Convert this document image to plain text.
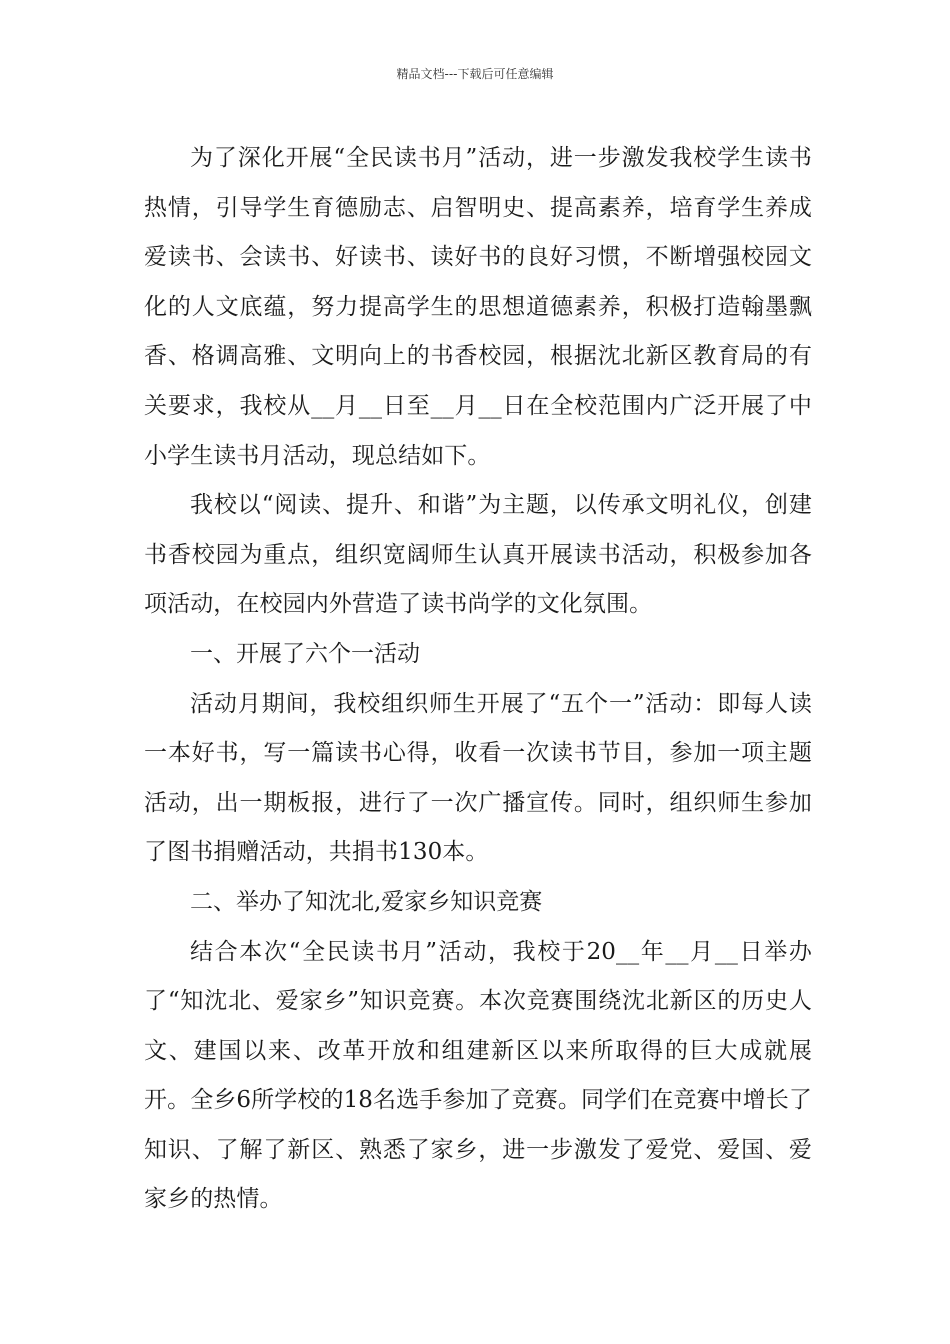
精品文档---下载后可任意编辑

为了深化开展“全民读书月”活动，进一步激发我校学生读书热情，引导学生育德励志、启智明史、提高素养，培育学生养成爱读书、会读书、好读书、读好书的良好习惯，不断增强校园文化的人文底蕴，努力提高学生的思想道德素养，积极打造翰墨飘香、格调高雅、文明向上的书香校园，根据沈北新区教育局的有关要求，我校从__月__日至__月__日在全校范围内广泛开展了中小学生读书月活动，现总结如下。

我校以“阅读、提升、和谐”为主题，以传承文明礼仪，创建书香校园为重点，组织宽阔师生认真开展读书活动，积极参加各项活动，在校园内外营造了读书尚学的文化氛围。

一、开展了六个一活动

活动月期间，我校组织师生开展了“五个一”活动：即每人读一本好书，写一篇读书心得，收看一次读书节目，参加一项主题活动，出一期板报，进行了一次广播宣传。同时，组织师生参加了图书捐赠活动，共捐书130本。

二、举办了知沈北,爱家乡知识竞赛

结合本次“全民读书月”活动，我校于20__年__月__日举办了“知沈北、爱家乡”知识竞赛。本次竞赛围绕沈北新区的历史人文、建国以来、改革开放和组建新区以来所取得的巨大成就展开。全乡6所学校的18名选手参加了竞赛。同学们在竞赛中增长了知识、了解了新区、熟悉了家乡，进一步激发了爱党、爱国、爱家乡的热情。
